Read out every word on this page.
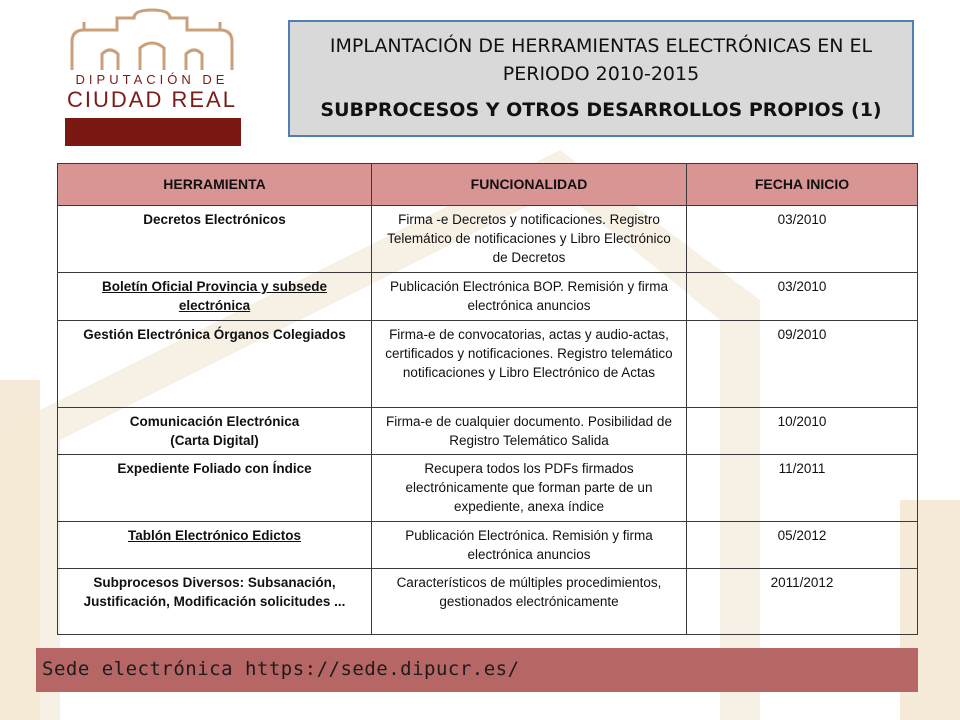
DIPUTACIÓN DE
CIUDAD REAL
IMPLANTACIÓN DE HERRAMIENTAS ELECTRÓNICAS EN EL PERIODO 2010-2015
SUBPROCESOS Y OTROS DESARROLLOS PROPIOS (1)
HERRAMIENTA	FUNCIONALIDAD	FECHA INICIO
Decretos Electrónicos	Firma -e Decretos y notificaciones. Registro Telemático de notificaciones y Libro Electrónico de Decretos	03/2010
Boletín Oficial Provincia y subsede electrónica	Publicación Electrónica BOP. Remisión y firma electrónica anuncios	03/2010
Gestión Electrónica Órganos Colegiados	Firma-e de convocatorias, actas y audio-actas, certificados y notificaciones. Registro telemático notificaciones y Libro Electrónico de Actas	09/2010

Comunicación Electrónica
(Carta Digital)	Firma-e de cualquier documento. Posibilidad de Registro Telemático Salida	10/2010
Expediente Foliado con Índice	Recupera todos los PDFs firmados electrónicamente que forman parte de un expediente, anexa índice	11/2011
Tablón Electrónico Edictos	Publicación Electrónica. Remisión y firma electrónica anuncios	05/2012
Subprocesos Diversos: Subsanación, Justificación, Modificación solicitudes ...	Característicos de múltiples procedimientos, gestionados electrónicamente	2011/2012
Sede electrónica https://sede.dipucr.es/
